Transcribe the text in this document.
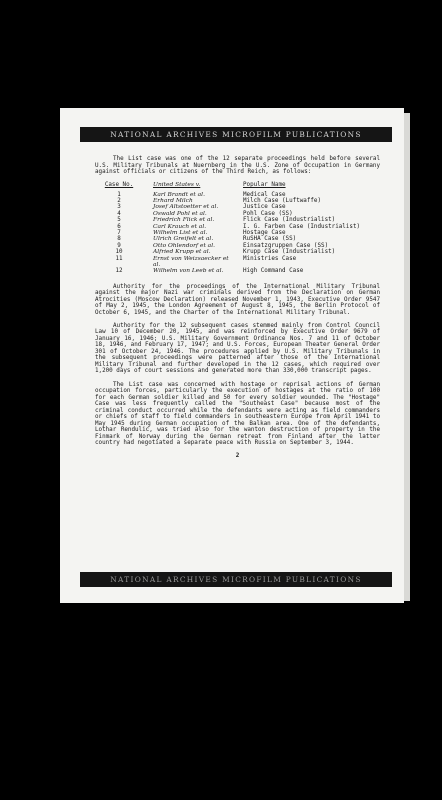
NATIONAL ARCHIVES MICROFILM PUBLICATIONS

The List case was one of the 12 separate proceedings held before several U.S. Military Tribunals at Nuernberg in the U.S. Zone of Occupation in Germany against officials or citizens of the Third Reich, as follows:

Case No.	United States v.	Popular Name
1	Karl Brandt et al.	Medical Case
2	Erhard Milch	Milch Case (Luftwaffe)
3	Josef Altstoetter et al.	Justice Case
4	Oswald Pohl et al.	Pohl Case (SS)
5	Friedrich Flick et al.	Flick Case (Industrialist)
6	Carl Krauch et al.	I. G. Farben Case (Industrialist)
7	Wilhelm List et al.	Hostage Case
8	Ulrich Greifelt et al.	RuSHA Case (SS)
9	Otto Ohlendorf et al.	Einsatzgruppen Case (SS)
10	Alfried Krupp et al.	Krupp Case (Industrialist)
11	Ernst von Weizsaecker et al.	Ministries Case
12	Wilhelm von Leeb et al.	High Command Case

Authority for the proceedings of the International Military Tribunal against the major Nazi war criminals derived from the Declaration on German Atrocities (Moscow Declaration) released November 1, 1943, Executive Order 9547 of May 2, 1945, the London Agreement of August 8, 1945, the Berlin Protocol of October 6, 1945, and the Charter of the International Military Tribunal.

Authority for the 12 subsequent cases stemmed mainly from Control Council Law 10 of December 20, 1945, and was reinforced by Executive Order 9679 of January 16, 1946; U.S. Military Government Ordinance Nos. 7 and 11 of October 18, 1946, and February 17, 1947; and U.S. Forces, European Theater General Order 301 of October 24, 1946. The procedures applied by U.S. Military Tribunals in the subsequent proceedings were patterned after those of the International Military Tribunal and further developed in the 12 cases, which required over 1,200 days of court sessions and generated more than 330,000 transcript pages.

The List case was concerned with hostage or reprisal actions of German occupation forces, particularly the execution of hostages at the ratio of 100 for each German soldier killed and 50 for every soldier wounded. The "Hostage" Case was less frequently called the "Southeast Case" because most of the criminal conduct occurred while the defendants were acting as field commanders or chiefs of staff to field commanders in southeastern Europe from April 1941 to May 1945 during German occupation of the Balkan area. One of the defendants, Lothar Rendulic, was tried also for the wanton destruction of property in the Finmark of Norway during the German retreat from Finland after the latter country had negotiated a separate peace with Russia on September 3, 1944.

2
NATIONAL ARCHIVES MICROFILM PUBLICATIONS
